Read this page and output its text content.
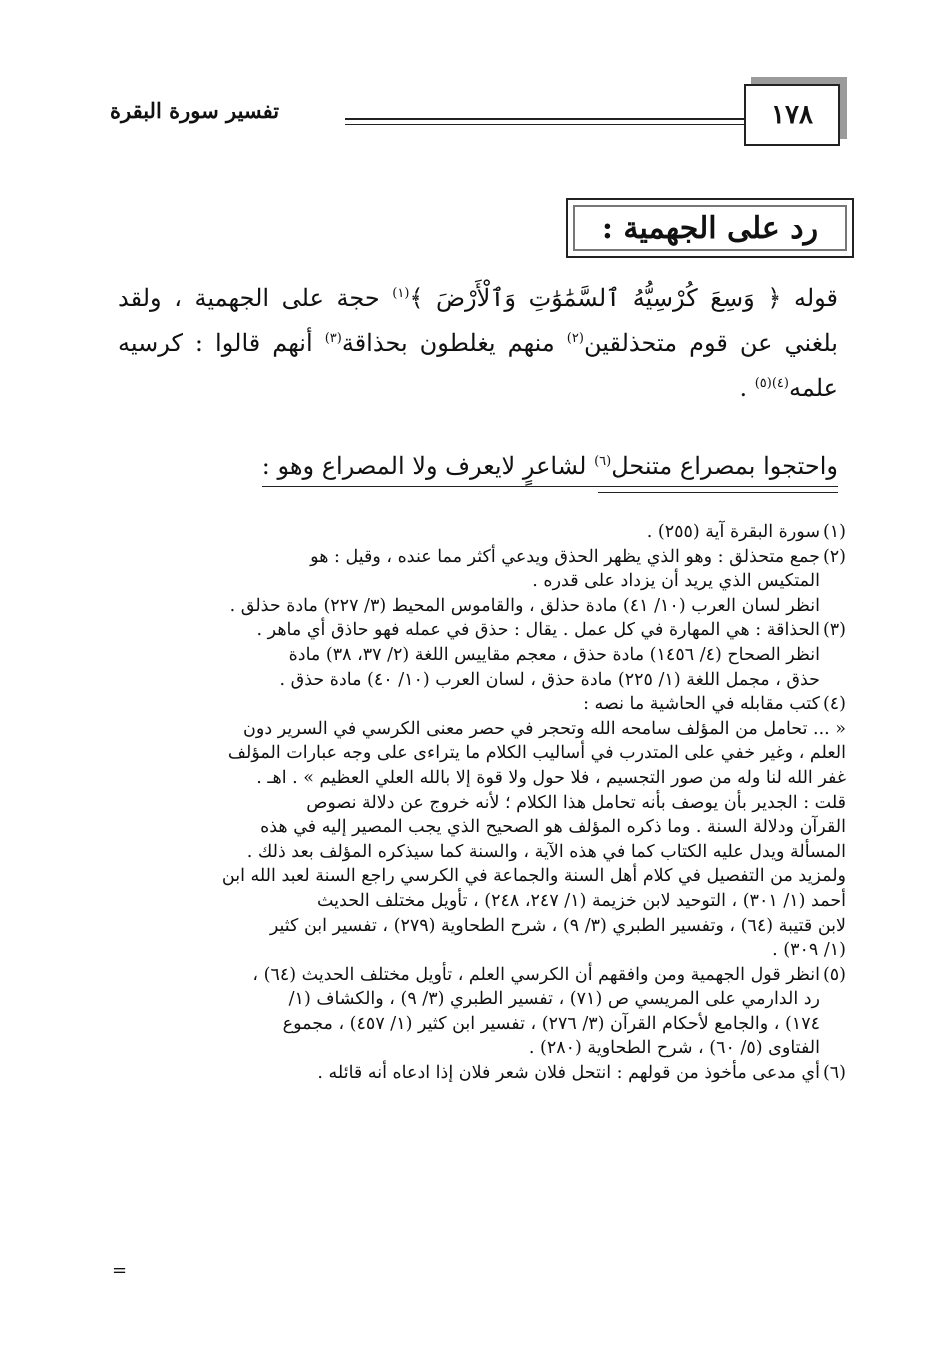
تفسير سورة البقرة	١٧٨
رد على الجهمية :

قوله ﴿ وَسِعَ كُرْسِيُّهُ ٱلسَّمَٰوَٰتِ وَٱلْأَرْضَ ﴾$^{(١)}$ حجة على الجهمية ، ولقد بلغني عن قوم متحذلقين$^{(٢)}$ منهم يغلطون بحذاقة$^{(٣)}$ أنهم قالوا : كرسيه علمه$^{(٤)(٥)}$ .

واحتجوا بمصراع متنحل$^{(٦)}$ لشاعرٍ لايعرف ولا المصراع وهو :
(١)
سورة البقرة آية (٢٥٥) .
(٢)
جمع متحذلق : وهو الذي يظهر الحذق ويدعي أكثر مما عنده ، وقيل : هو
المتكيس الذي يريد أن يزداد على قدره .
انظر لسان العرب (١٠/ ٤١) مادة حذلق ، والقاموس المحيط (٣/ ٢٢٧) مادة حذلق .
(٣)
الحذاقة : هي المهارة في كل عمل . يقال : حذق في عمله فهو حاذق أي ماهر .
انظر الصحاح (٤/ ١٤٥٦) مادة حذق ، معجم مقاييس اللغة (٢/ ٣٧، ٣٨) مادة
حذق ، مجمل اللغة (١/ ٢٢٥) مادة حذق ، لسان العرب (١٠/ ٤٠) مادة حذق .
(٤)
كتب مقابله في الحاشية ما نصه :
« ... تحامل من المؤلف سامحه الله وتحجر في حصر معنى الكرسي في السرير دون
العلم ، وغير خفي على المتدرب في أساليب الكلام ما يتراءى على وجه عبارات المؤلف
غفر الله لنا وله من صور التجسيم ، فلا حول ولا قوة إلا بالله العلي العظيم » . اهـ .
قلت : الجدير بأن يوصف بأنه تحامل هذا الكلام ؛ لأنه خروج عن دلالة نصوص
القرآن ودلالة السنة . وما ذكره المؤلف هو الصحيح الذي يجب المصير إليه في هذه
المسألة ويدل عليه الكتاب كما في هذه الآية ، والسنة كما سيذكره المؤلف بعد ذلك .
ولمزيد من التفصيل في كلام أهل السنة والجماعة في الكرسي راجع السنة لعبد الله ابن
أحمد (١/ ٣٠١) ، التوحيد لابن خزيمة (١/ ٢٤٧، ٢٤٨) ، تأويل مختلف الحديث
لابن قتيبة (٦٤) ، وتفسير الطبري (٣/ ٩) ، شرح الطحاوية (٢٧٩) ، تفسير ابن كثير
(١/ ٣٠٩) .
(٥)
انظر قول الجهمية ومن وافقهم أن الكرسي العلم ، تأويل مختلف الحديث (٦٤) ،
رد الدارمي على المريسي ص (٧١) ، تفسير الطبري (٣/ ٩) ، والكشاف (١/
١٧٤) ، والجامع لأحكام القرآن (٣/ ٢٧٦) ، تفسير ابن كثير (١/ ٤٥٧) ، مجموع
الفتاوى (٥/ ٦٠) ، شرح الطحاوية (٢٨٠) .
(٦)
أي مدعى مأخوذ من قولهم : انتحل فلان شعر فلان إذا ادعاه أنه قائله .
=
